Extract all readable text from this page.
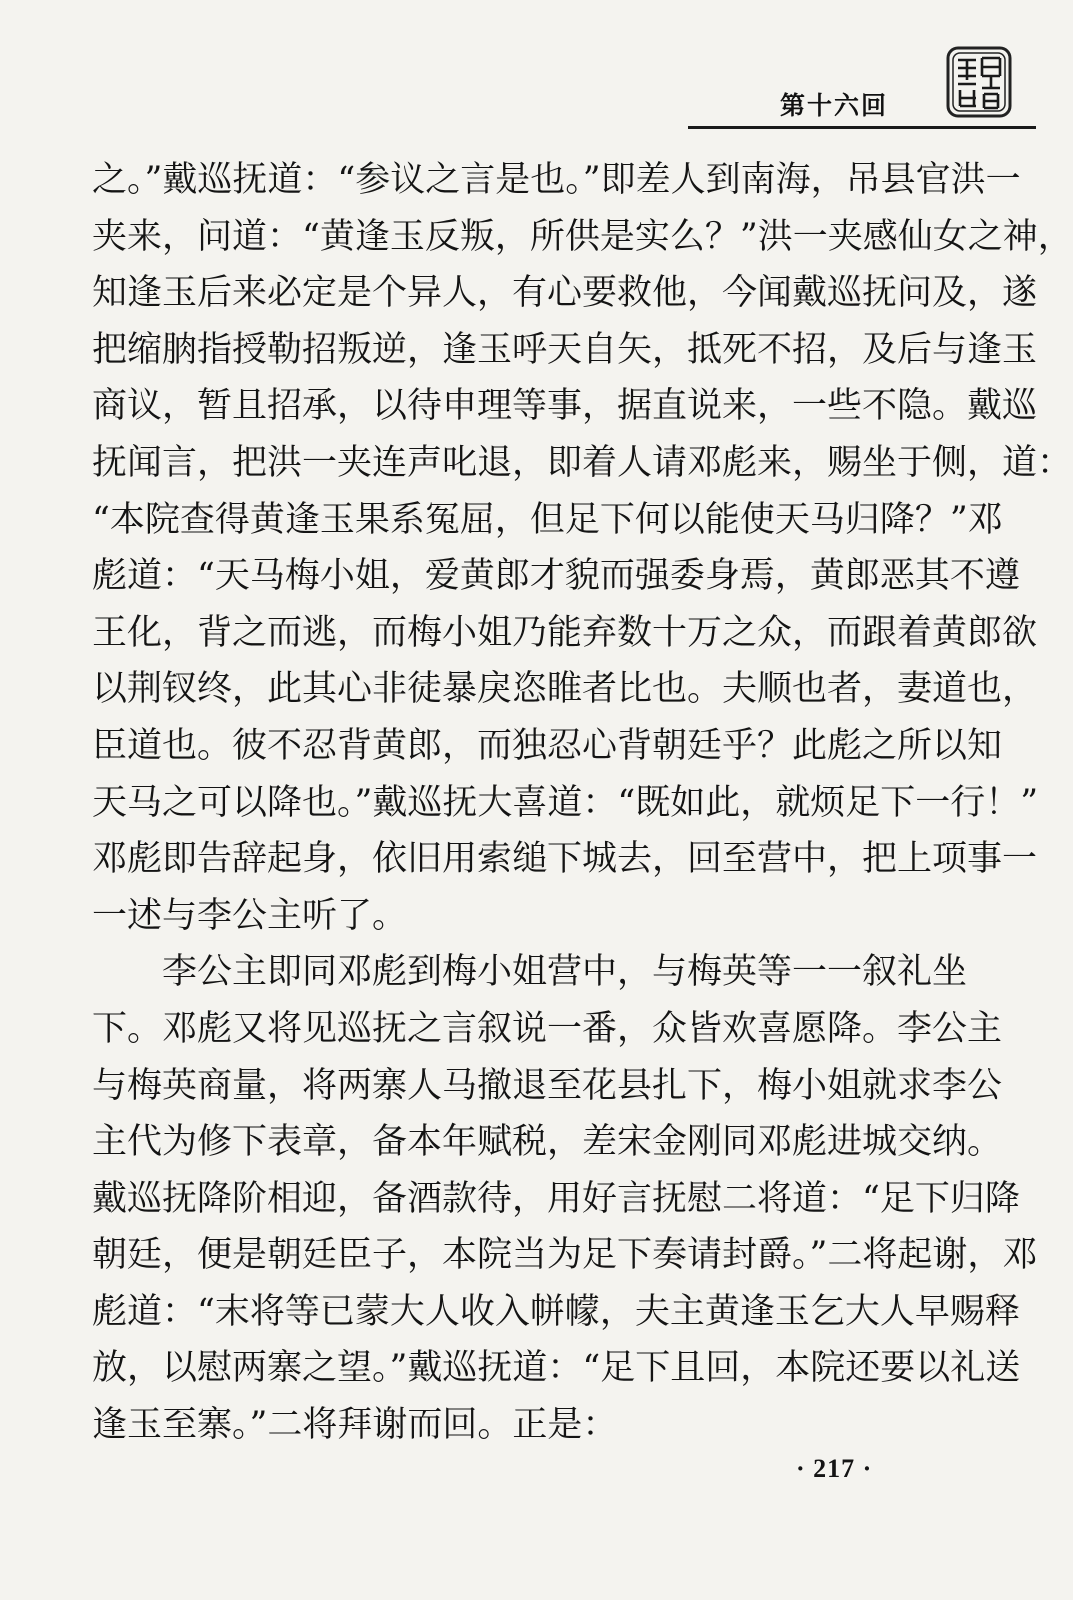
第十六回
之。”戴巡抚道：“参议之言是也。”即差人到南海，吊县官洪一
夹来，问道：“黄逢玉反叛，所供是实么？”洪一夹感仙女之神，
知逢玉后来必定是个异人，有心要救他，今闻戴巡抚问及，遂
把缩朒指授勒招叛逆，逢玉呼天自矢，抵死不招，及后与逢玉
商议，暂且招承，以待申理等事，据直说来，一些不隐。戴巡
抚闻言，把洪一夹连声叱退，即着人请邓彪来，赐坐于侧，道：
“本院查得黄逢玉果系冤屈，但足下何以能使天马归降？”邓
彪道：“天马梅小姐，爱黄郎才貌而强委身焉，黄郎恶其不遵
王化，背之而逃，而梅小姐乃能弃数十万之众，而跟着黄郎欲
以荆钗终，此其心非徒暴戾恣睢者比也。夫顺也者，妻道也，
臣道也。彼不忍背黄郎，而独忍心背朝廷乎？此彪之所以知
天马之可以降也。”戴巡抚大喜道：“既如此，就烦足下一行！”
邓彪即告辞起身，依旧用索缒下城去，回至营中，把上项事一
一述与李公主听了。
李公主即同邓彪到梅小姐营中，与梅英等一一叙礼坐
下。邓彪又将见巡抚之言叙说一番，众皆欢喜愿降。李公主
与梅英商量，将两寨人马撤退至花县扎下，梅小姐就求李公
主代为修下表章，备本年赋税，差宋金刚同邓彪进城交纳。
戴巡抚降阶相迎，备酒款待，用好言抚慰二将道：“足下归降
朝廷，便是朝廷臣子，本院当为足下奏请封爵。”二将起谢，邓
彪道：“末将等已蒙大人收入帡幪，夫主黄逢玉乞大人早赐释
放，以慰两寨之望。”戴巡抚道：“足下且回，本院还要以礼送
逢玉至寨。”二将拜谢而回。正是：
· 217 ·
